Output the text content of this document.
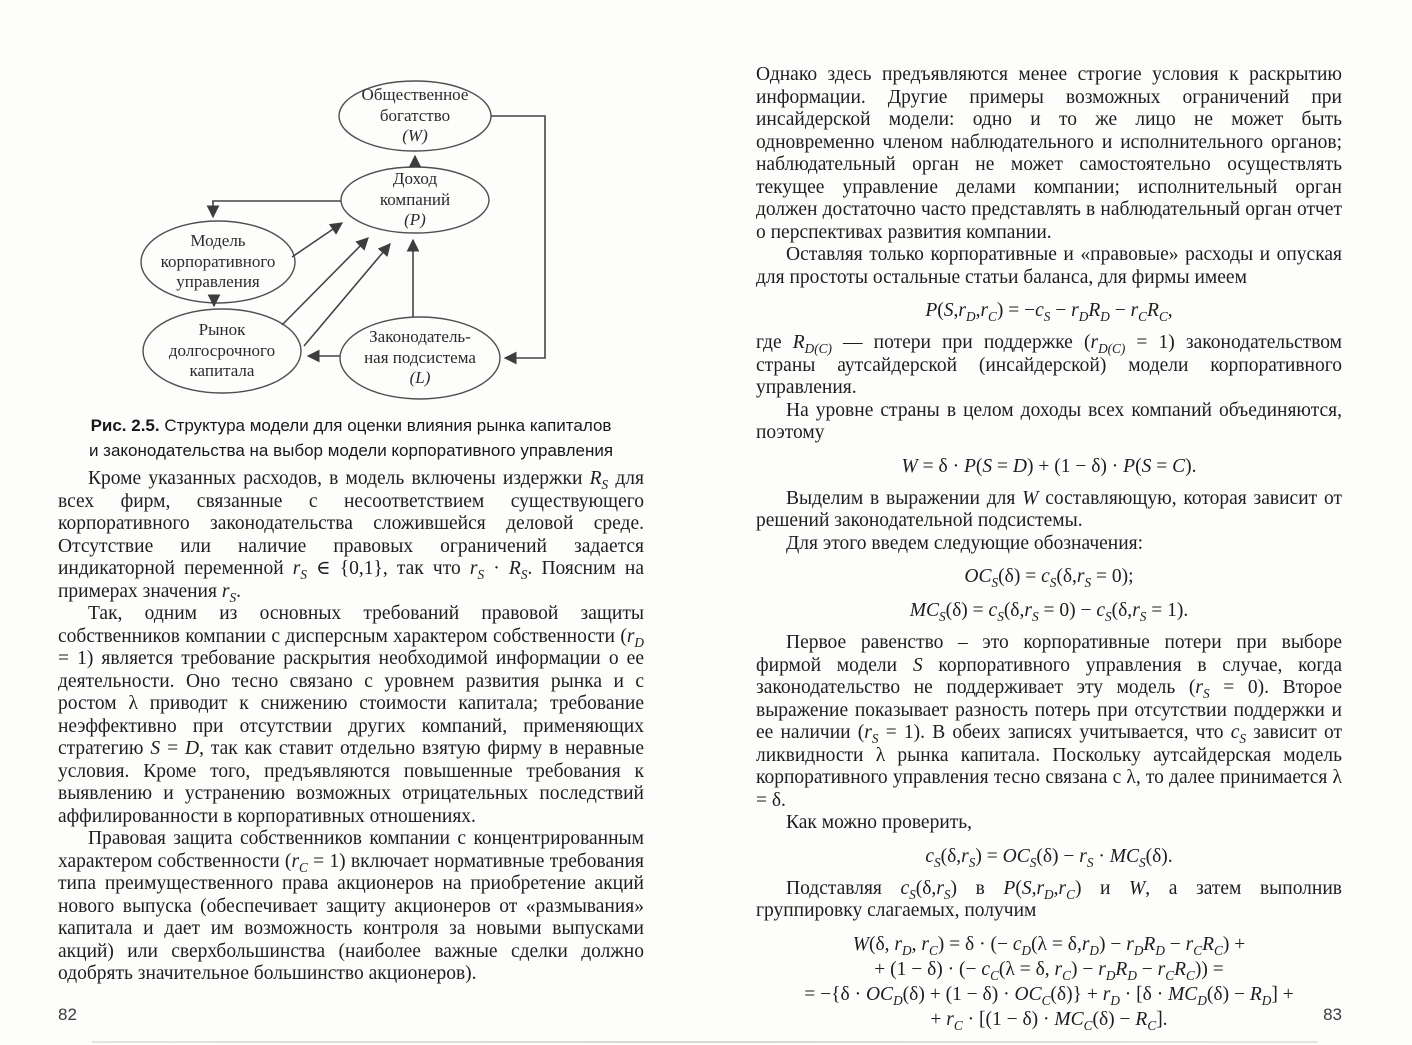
Общественное
богатство
(W)
Доход
компаний
(P)
Модель
корпоративного
управления
Рынок
долгосрочного
капитала
Законодатель-
ная подсистема
(L)
Рис. 2.5. Структура модели для оценки влияния рынка капиталов
и законодательства на выбор модели корпоративного управления

Кроме указанных расходов, в модель включены издержки $R_S$ для всех фирм, связанные с несоответствием существующего корпоративного законодательства сложившейся деловой среде. Отсутствие или наличие правовых ограничений задается индикаторной переменной $r_S$ ∈ {0,1}, так что $r_S \cdot R_S$. Поясним на примерах значения $r_S$.

Так, одним из основных требований правовой защиты собственников компании с дисперсным характером собственности $(r_D = 1)$ является требование раскрытия необходимой информации о ее деятельности. Оно тесно связано с уровнем развития рынка и с ростом λ приводит к снижению стоимости капитала; требование неэффективно при отсутствии других компаний, применяющих стратегию S = D, так как ставит отдельно взятую фирму в неравные условия. Кроме того, предъявляются повышенные требования к выявлению и устранению возможных отрицательных последствий аффилированности в корпоративных отношениях.

Правовая защита собственников компании с концентрированным характером собственности $(r_C = 1)$ включает нормативные требования типа преимущественного права акционеров на приобретение акций нового выпуска (обеспечивает защиту акционеров от «размывания» капитала и дает им возможность контроля за новыми выпусками акций) или сверхбольшинства (наиболее важные сделки должно одобрять значительное большинство акционеров).

Однако здесь предъявляются менее строгие условия к раскрытию информации. Другие примеры возможных ограничений при инсайдерской модели: одно и то же лицо не может быть одновременно членом наблюдательного и исполнительного органов; наблюдательный орган не может самостоятельно осуществлять текущее управление делами компании; исполнительный орган должен достаточно часто представлять в наблюдательный орган отчет о перспективах развития компании.

Оставляя только корпоративные и «правовые» расходы и опуская для простоты остальные статьи баланса, для фирмы имеем

$P(S,r_D,r_C) = -c_S - r_DR_D - r_CR_C$,

где $R_{D(C)}$ — потери при поддержке $(r_{D(C)} = 1)$ законодательством страны аутсайдерской (инсайдерской) модели корпоративного управления.

На уровне страны в целом доходы всех компаний объединяются, поэтому

W = δ · P(S = D) + (1 − δ) · P(S = C).

Выделим в выражении для W составляющую, которая зависит от решений законодательной подсистемы.

Для этого введем следующие обозначения:

$OC_S(\delta) = c_S(\delta,r_S = 0)$;
$MC_S(\delta) = c_S(\delta,r_S = 0) - c_S(\delta,r_S = 1)$.

Первое равенство – это корпоративные потери при выборе фирмой модели S корпоративного управления в случае, когда законодательство не поддерживает эту модель $(r_S = 0)$. Второе выражение показывает разность потерь при отсутствии поддержки и ее наличии $(r_S = 1)$. В обеих записях учитывается, что $c_S$ зависит от ликвидности λ рынка капитала. Поскольку аутсайдерская модель корпоративного управления тесно связана с λ, то далее принимается λ = δ.

Как можно проверить,

$c_S(\delta,r_S) = OC_S(\delta) - r_S \cdot MC_S(\delta)$.

Подставляя $c_S(\delta,r_S)$ в $P(S,r_D,r_C)$ и W, а затем выполнив группировку слагаемых, получим

W(δ, $r_D$, $r_C) = \delta$ · (− $c_D(\lambda = \delta,r_D) - r_DR_D - r_CR_C$) +
+ (1 − δ) · (− $c_C(\lambda = \delta$, $r_C) - r_DR_D - r_CR_C$)) =
= $-\{\delta \cdot OC_D(\delta) + (1 - \delta) \cdot OC_C(\delta)\} + r_D \cdot [\delta \cdot MC_D(\delta) - R_D]$ +
+ $r_C \cdot [(1 - \delta) \cdot MC_C(\delta) - R_C]$.
82	83
